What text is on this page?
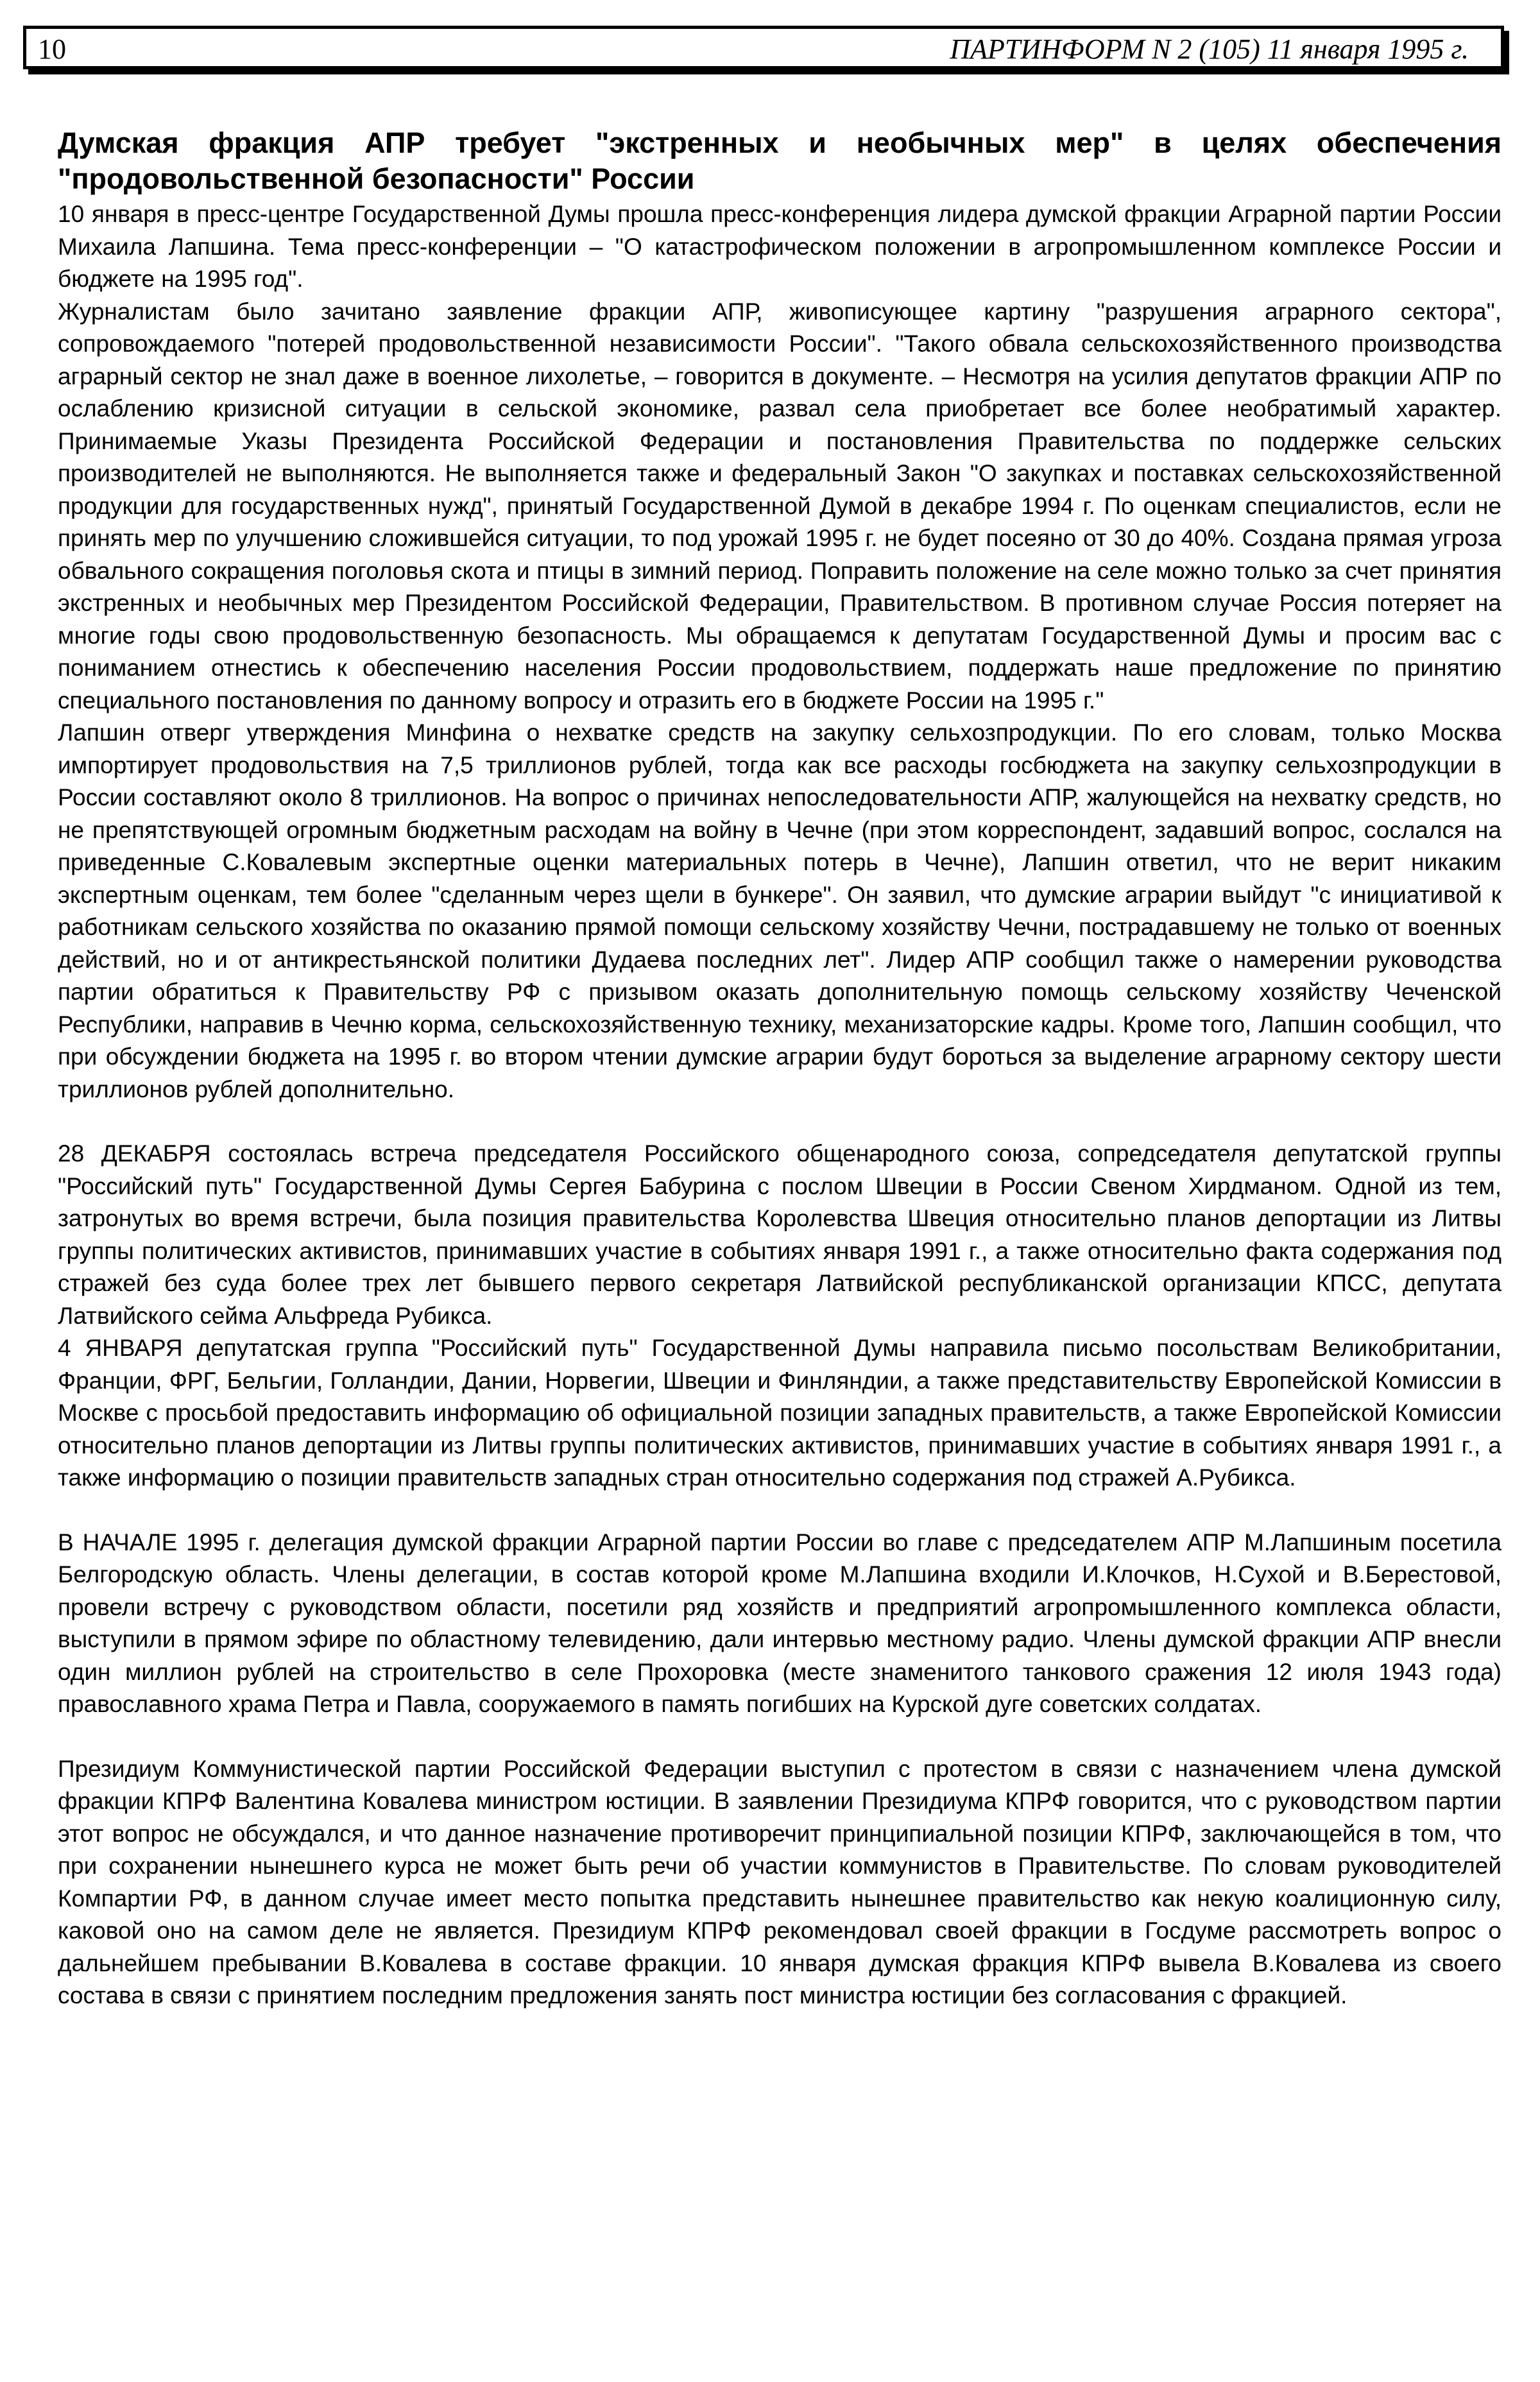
10	ПАРТИНФОРМ N 2 (105) 11 января 1995 г.
Думская фракция АПР требует "экстренных и необычных мер" в целях обеспечения "продовольственной безопасности" России

10 января в пресс-центре Государственной Думы прошла пресс-конференция лидера думской фракции Аграрной партии России Михаила Лапшина. Тема пресс-конференции – "О катастрофическом положении в агропромышленном комплексе России и бюджете на 1995 год".

Журналистам было зачитано заявление фракции АПР, живописующее картину "разрушения аграрного сектора", сопровождаемого "потерей продовольственной независимости России". "Такого обвала сельскохозяйственного производства аграрный сектор не знал даже в военное лихолетье, – говорится в документе. – Несмотря на усилия депутатов фракции АПР по ослаблению кризисной ситуации в сельской экономике, развал села приобретает все более необратимый характер. Принимаемые Указы Президента Российской Федерации и постановления Правительства по поддержке сельских производителей не выполняются. Не выполняется также и федеральный Закон "О закупках и поставках сельскохозяйственной продукции для государственных нужд", принятый Государственной Думой в декабре 1994 г. По оценкам специалистов, если не принять мер по улучшению сложившейся ситуации, то под урожай 1995 г. не будет посеяно от 30 до 40%. Создана прямая угроза обвального сокращения поголовья скота и птицы в зимний период. Поправить положение на селе можно только за счет принятия экстренных и необычных мер Президентом Российской Федерации, Правительством. В противном случае Россия потеряет на многие годы свою продовольственную безопасность. Мы обращаемся к депутатам Государственной Думы и просим вас с пониманием отнестись к обеспечению населения России продовольствием, поддержать наше предложение по принятию специального постановления по данному вопросу и отразить его в бюджете России на 1995 г."

Лапшин отверг утверждения Минфина о нехватке средств на закупку сельхозпродукции. По его словам, только Москва импортирует продовольствия на 7,5 триллионов рублей, тогда как все расходы госбюджета на закупку сельхозпродукции в России составляют около 8 триллионов. На вопрос о причинах непоследовательности АПР, жалующейся на нехватку средств, но не препятствующей огромным бюджетным расходам на войну в Чечне (при этом корреспондент, задавший вопрос, сослался на приведенные С.Ковалевым экспертные оценки материальных потерь в Чечне), Лапшин ответил, что не верит никаким экспертным оценкам, тем более "сделанным через щели в бункере". Он заявил, что думские аграрии выйдут "с инициативой к работникам сельского хозяйства по оказанию прямой помощи сельскому хозяйству Чечни, пострадавшему не только от военных действий, но и от антикрестьянской политики Дудаева последних лет". Лидер АПР сообщил также о намерении руководства партии обратиться к Правительству РФ с призывом оказать дополнительную помощь сельскому хозяйству Чеченской Республики, направив в Чечню корма, сельскохозяйственную технику, механизаторские кадры. Кроме того, Лапшин сообщил, что при обсуждении бюджета на 1995 г. во втором чтении думские аграрии будут бороться за выделение аграрному сектору шести триллионов рублей дополнительно.

28 ДЕКАБРЯ состоялась встреча председателя Российского общенародного союза, сопредседателя депутатской группы "Российский путь" Государственной Думы Сергея Бабурина с послом Швеции в России Свеном Хирдманом. Одной из тем, затронутых во время встречи, была позиция правительства Королевства Швеция относительно планов депортации из Литвы группы политических активистов, принимавших участие в событиях января 1991 г., а также относительно факта содержания под стражей без суда более трех лет бывшего первого секретаря Латвийской республиканской организации КПСС, депутата Латвийского сейма Альфреда Рубикса.

4 ЯНВАРЯ депутатская группа "Российский путь" Государственной Думы направила письмо посольствам Великобритании, Франции, ФРГ, Бельгии, Голландии, Дании, Норвегии, Швеции и Финляндии, а также представительству Европейской Комиссии в Москве с просьбой предоставить информацию об официальной позиции западных правительств, а также Европейской Комиссии относительно планов депортации из Литвы группы политических активистов, принимавших участие в событиях января 1991 г., а также информацию о позиции правительств западных стран относительно содержания под стражей А.Рубикса.

В НАЧАЛЕ 1995 г. делегация думской фракции Аграрной партии России во главе с председателем АПР М.Лапшиным посетила Белгородскую область. Члены делегации, в состав которой кроме М.Лапшина входили И.Клочков, Н.Сухой и В.Берестовой, провели встречу с руководством области, посетили ряд хозяйств и предприятий агропромышленного комплекса области, выступили в прямом эфире по областному телевидению, дали интервью местному радио. Члены думской фракции АПР внесли один миллион рублей на строительство в селе Прохоровка (месте знаменитого танкового сражения 12 июля 1943 года) православного храма Петра и Павла, сооружаемого в память погибших на Курской дуге советских солдатах.

Президиум Коммунистической партии Российской Федерации выступил с протестом в связи с назначением члена думской фракции КПРФ Валентина Ковалева министром юстиции. В заявлении Президиума КПРФ говорится, что с руководством партии этот вопрос не обсуждался, и что данное назначение противоречит принципиальной позиции КПРФ, заключающейся в том, что при сохранении нынешнего курса не может быть речи об участии коммунистов в Правительстве. По словам руководителей Компартии РФ, в данном случае имеет место попытка представить нынешнее правительство как некую коалиционную силу, каковой оно на самом деле не является. Президиум КПРФ рекомендовал своей фракции в Госдуме рассмотреть вопрос о дальнейшем пребывании В.Ковалева в составе фракции. 10 января думская фракция КПРФ вывела В.Ковалева из своего состава в связи с принятием последним предложения занять пост министра юстиции без согласования с фракцией.
